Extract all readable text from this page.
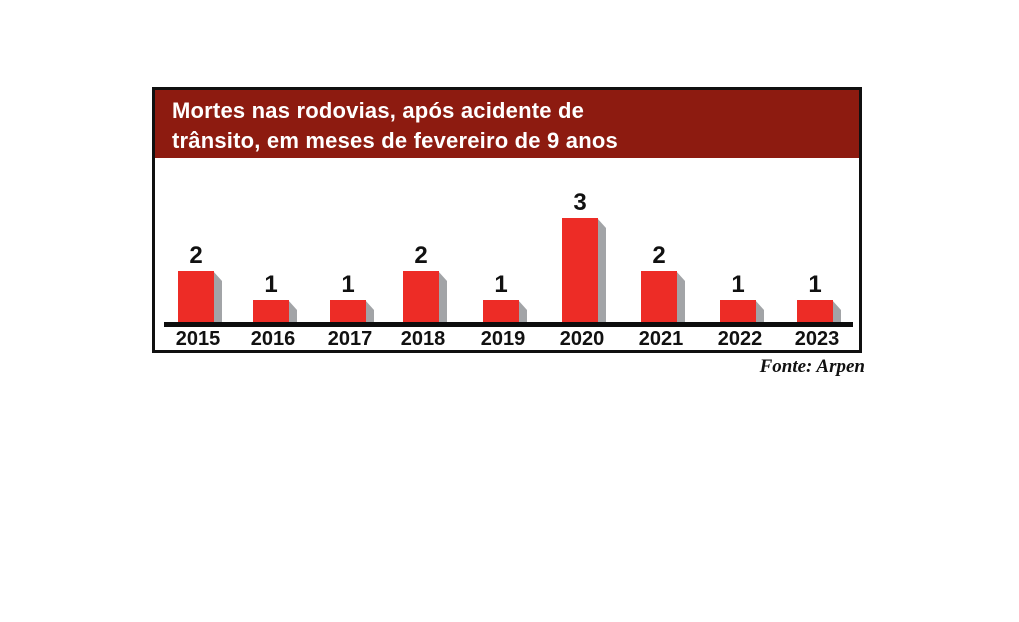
Mortes nas rodovias, após acidente de
trânsito, em meses de fevereiro de 9 anos
2
2015
1
2016
1
2017
2
2018
1
2019
3
2020
2
2021
1
2022
1
2023
Fonte: Arpen
